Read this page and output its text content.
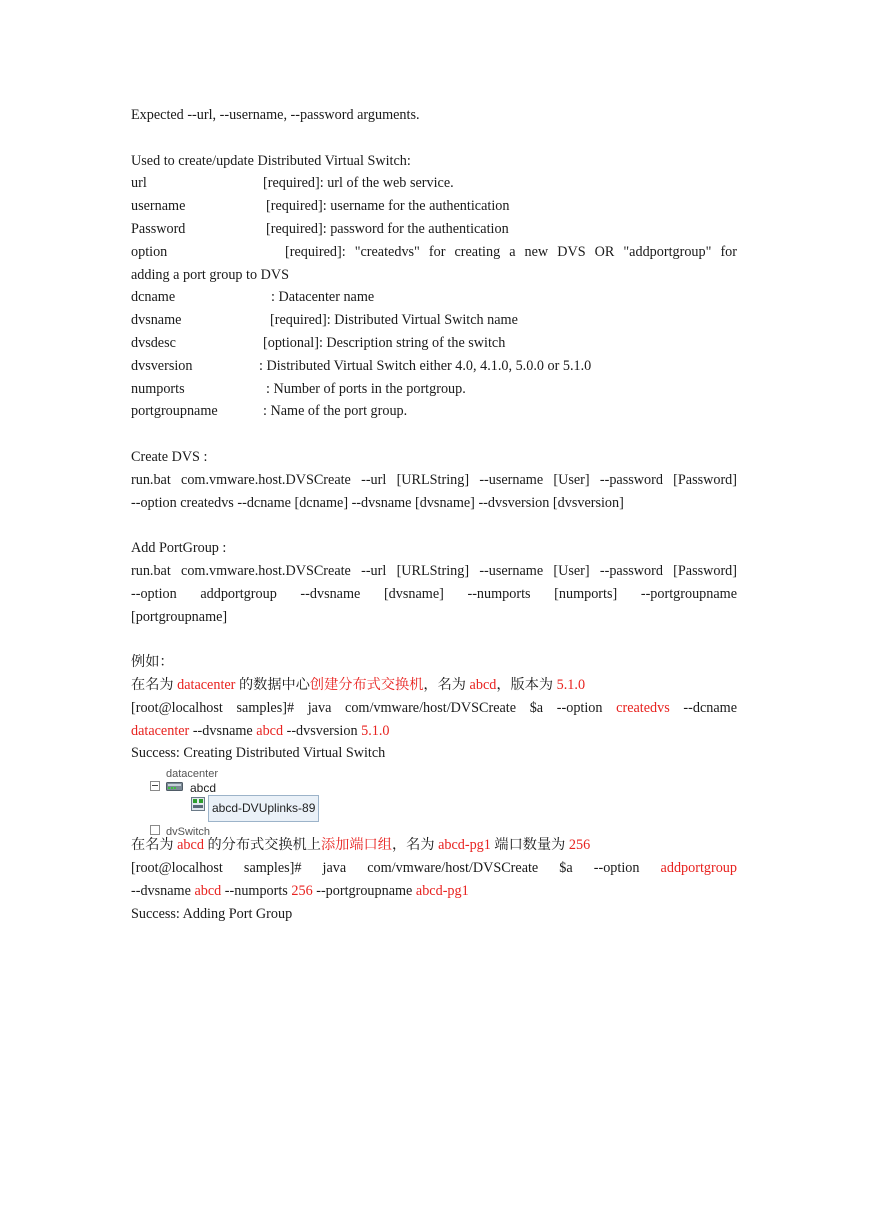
Expected --url, --username, --password arguments.
Used to create/update Distributed Virtual Switch:
url	[required]: url of the web service.
username	[required]: username for the authentication
Password	[required]: password for the authentication
option	[required]: "createdvs" for creating a new DVS OR "addportgroup" for
adding a port group to DVS
dcname	: Datacenter name
dvsname	[required]: Distributed Virtual Switch name
dvsdesc	[optional]: Description string of the switch
dvsversion	: Distributed Virtual Switch either 4.0, 4.1.0, 5.0.0 or 5.1.0
numports	: Number of ports in the portgroup.
portgroupname	: Name of the port group.
Create DVS :
run.bat com.vmware.host.DVSCreate --url [URLString] --username [User] --password [Password]
--option createdvs --dcname [dcname] --dvsname [dvsname] --dvsversion [dvsversion]
Add PortGroup :
run.bat com.vmware.host.DVSCreate --url [URLString] --username [User] --password [Password]
--option addportgroup --dvsname [dvsname] --numports [numports] --portgroupname
[portgroupname]
例如：
在名为 datacenter 的数据中心创建分布式交换机，名为 abcd，版本为 5.1.0
[root@localhost samples]# java com/vmware/host/DVSCreate $a --option createdvs --dcname
datacenter --dvsname abcd --dvsversion 5.1.0
Success: Creating Distributed Virtual Switch
datacenter
abcd
abcd-DVUplinks-89
dvSwitch
在名为 abcd 的分布式交换机上添加端口组，名为 abcd-pg1 端口数量为 256
[root@localhost samples]# java com/vmware/host/DVSCreate $a --option addportgroup
--dvsname abcd --numports 256 --portgroupname abcd-pg1
Success: Adding Port Group
